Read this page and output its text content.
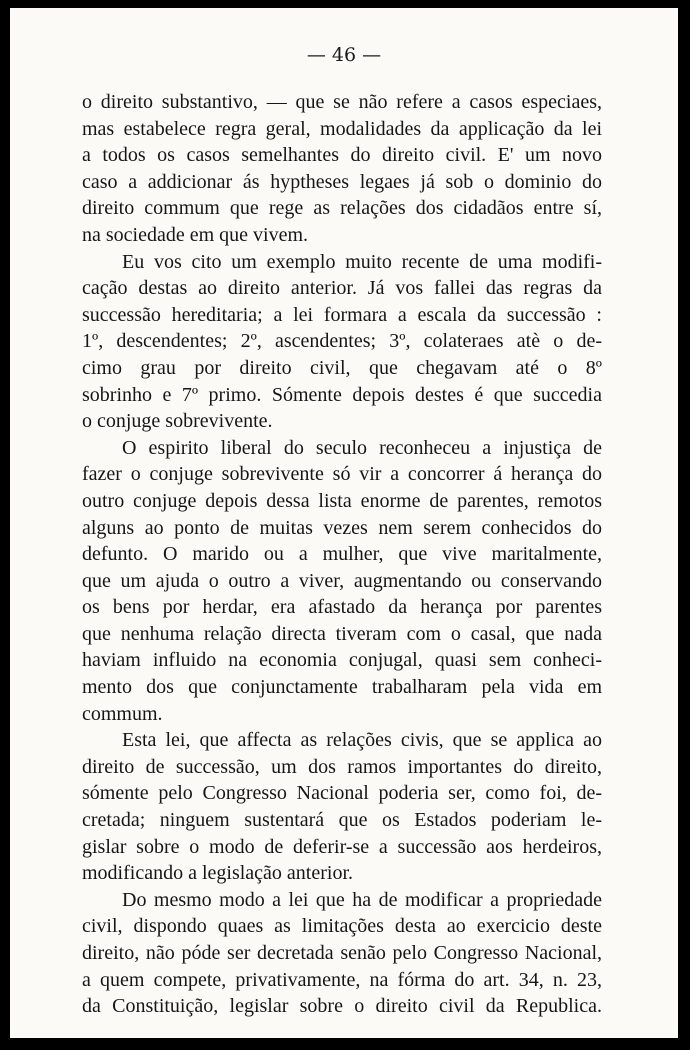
— 46 —
o direito substantivo, — que se não refere a casos especiaes,
mas estabelece regra geral, modalidades da applicação da lei
a todos os casos semelhantes do direito civil. E' um novo
caso a addicionar ás hyptheses legaes já sob o dominio do
direito commum que rege as relações dos cidadãos entre sí,
na sociedade em que vivem.
Eu vos cito um exemplo muito recente de uma modifi-
cação destas ao direito anterior. Já vos fallei das regras da
successão hereditaria; a lei formara a escala da successão :
1º, descendentes; 2º, ascendentes; 3º, colateraes atè o de-
cimo grau por direito civil, que chegavam até o 8º
sobrinho e 7º primo. Sómente depois destes é que succedia
o conjuge sobrevivente.
O espirito liberal do seculo reconheceu a injustiça de
fazer o conjuge sobrevivente só vir a concorrer á herança do
outro conjuge depois dessa lista enorme de parentes, remotos
alguns ao ponto de muitas vezes nem serem conhecidos do
defunto. O marido ou a mulher, que vive maritalmente,
que um ajuda o outro a viver, augmentando ou conservando
os bens por herdar, era afastado da herança por parentes
que nenhuma relação directa tiveram com o casal, que nada
haviam influido na economia conjugal, quasi sem conheci-
mento dos que conjunctamente trabalharam pela vida em
commum.
Esta lei, que affecta as relações civis, que se applica ao
direito de successão, um dos ramos importantes do direito,
sómente pelo Congresso Nacional poderia ser, como foi, de-
cretada; ninguem sustentará que os Estados poderiam le-
gislar sobre o modo de deferir-se a successão aos herdeiros,
modificando a legislação anterior.
Do mesmo modo a lei que ha de modificar a propriedade
civil, dispondo quaes as limitações desta ao exercicio deste
direito, não póde ser decretada senão pelo Congresso Nacional,
a quem compete, privativamente, na fórma do art. 34, n. 23,
da Constituição, legislar sobre o direito civil da Republica.
